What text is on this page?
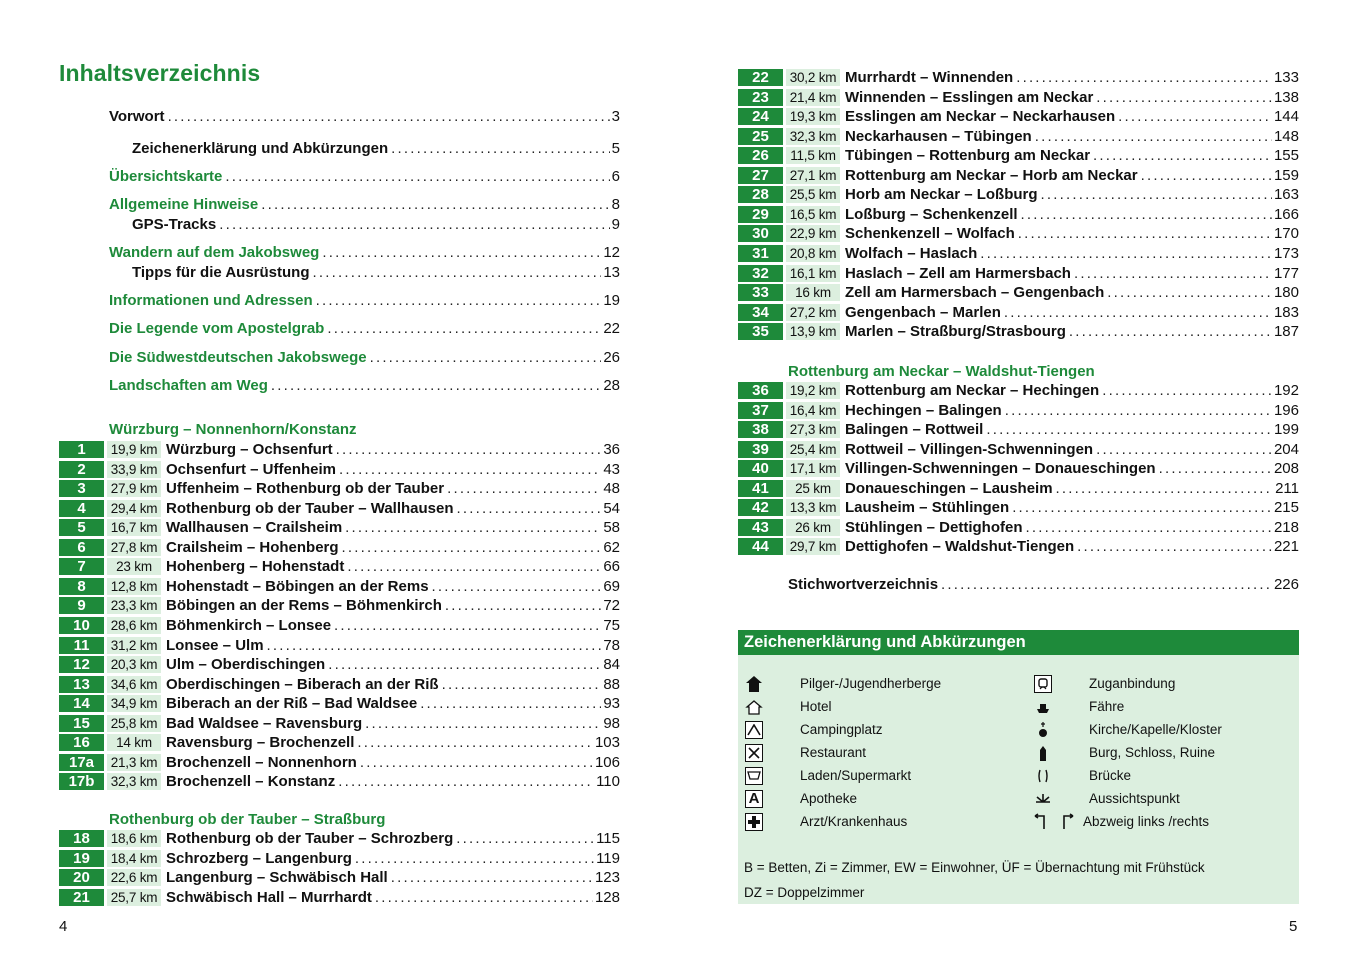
Inhaltsverzeichnis
Vorwort .....	3
Zeichenerklärung und Abkürzungen .....	5
Übersichtskarte .....	6
Allgemeine Hinweise .....	8
GPS-Tracks .....	9
Wandern auf dem Jakobsweg .....	12
Tipps für die Ausrüstung .....	13
Informationen und Adressen .....	19
Die Legende vom Apostelgrab .....	22
Die Südwestdeutschen Jakobswege .....	26
Landschaften am Weg .....	28
Würzburg – Nonnenhorn/Konstanz
1	19,9 km Würzburg – Ochsenfurt .....	36
2	33,9 km Ochsenfurt – Uffenheim .....	43
3	27,9 km Uffenheim – Rothenburg ob der Tauber .....	48
4	29,4 km Rothenburg ob der Tauber – Wallhausen .....	54
5	16,7 km Wallhausen – Crailsheim .....	58
6	27,8 km Crailsheim – Hohenberg .....	62
7	23 km Hohenberg – Hohenstadt .....	66
8	12,8 km Hohenstadt – Böbingen an der Rems .....	69
9	23,3 km Böbingen an der Rems – Böhmenkirch .....	72
10	28,6 km Böhmenkirch – Lonsee .....	75
11	31,2 km Lonsee – Ulm .....	78
12	20,3 km Ulm – Oberdischingen .....	84
13	34,6 km Oberdischingen – Biberach an der Riß .....	88
14	34,9 km Biberach an der Riß – Bad Waldsee .....	93
15	25,8 km Bad Waldsee – Ravensburg .....	98
16	14 km Ravensburg – Brochenzell .....	103
17a	21,3 km Brochenzell – Nonnenhorn .....	106
17b	32,3 km Brochenzell – Konstanz .....	110
Rothenburg ob der Tauber – Straßburg
18	18,6 km Rothenburg ob der Tauber – Schrozberg .....	115
19	18,4 km Schrozberg – Langenburg .....	119
20	22,6 km Langenburg – Schwäbisch Hall .....	123
21	25,7 km Schwäbisch Hall – Murrhardt .....	128
4
22	30,2 km Murrhardt – Winnenden .....	133
23	21,4 km Winnenden – Esslingen am Neckar .....	138
24	19,3 km Esslingen am Neckar – Neckarhausen .....	144
25	32,3 km Neckarhausen – Tübingen .....	148
26	11,5 km Tübingen – Rottenburg am Neckar .....	155
27	27,1 km Rottenburg am Neckar – Horb am Neckar .....	159
28	25,5 km Horb am Neckar – Loßburg .....	163
29	16,5 km Loßburg – Schenkenzell .....	166
30	22,9 km Schenkenzell – Wolfach .....	170
31	20,8 km Wolfach – Haslach .....	173
32	16,1 km Haslach – Zell am Harmersbach .....	177
33	16 km Zell am Harmersbach – Gengenbach .....	180
34	27,2 km Gengenbach – Marlen .....	183
35	13,9 km Marlen – Straßburg/Strasbourg .....	187
Rottenburg am Neckar – Waldshut-Tiengen
36	19,2 km Rottenburg am Neckar – Hechingen .....	192
37	16,4 km Hechingen – Balingen .....	196
38	27,3 km Balingen – Rottweil .....	199
39	25,4 km Rottweil – Villingen-Schwenningen .....	204
40	17,1 km Villingen-Schwenningen – Donaueschingen .....	208
41	25 km Donaueschingen – Lausheim .....	211
42	13,3 km Lausheim – Stühlingen .....	215
43	26 km Stühlingen – Dettighofen .....	218
44	29,7 km Dettighofen – Waldshut-Tiengen .....	221
Stichwortverzeichnis .....	226
5
Zeichenerklärung und Abkürzungen
Pilger-/Jugendherberge
Hotel
Campingplatz
Restaurant
Laden/Supermarkt
A	Apotheke
Arzt/Krankenhaus
Zuganbindung
Fähre
Kirche/Kapelle/Kloster
Burg, Schloss, Ruine
Brücke
Aussichtspunkt
Abzweig links /rechts
B = Betten, Zi = Zimmer, EW = Einwohner, ÜF = Übernachtung mit Frühstück
DZ = Doppelzimmer
